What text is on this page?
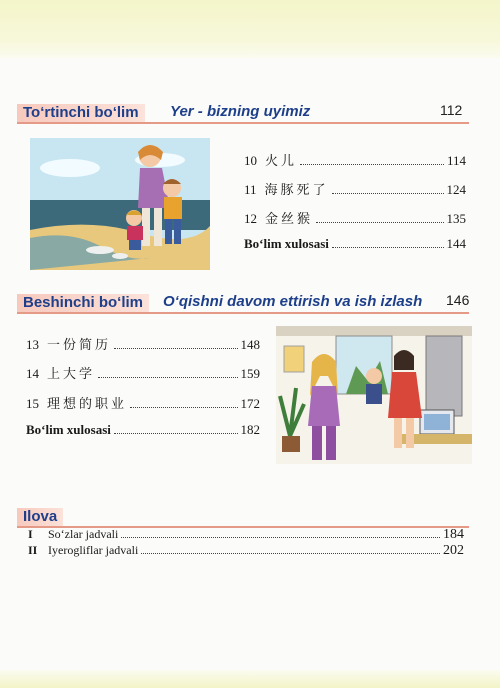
To‘rtinchi bo‘lim	Yer - bizning uyimiz	112
10 火儿	114
11 海豚死了	124
12 金丝猴	135
Bo‘lim xulosasi	144
Beshinchi bo‘lim	O‘qishni davom ettirish va ish izlash 146
13 一份简历	148
14 上大学	159
15 理想的职业	172
Bo‘lim xulosasi	182
Ilova
I	So‘zlar jadvali	184
II Iyerogliflar jadvali	202
